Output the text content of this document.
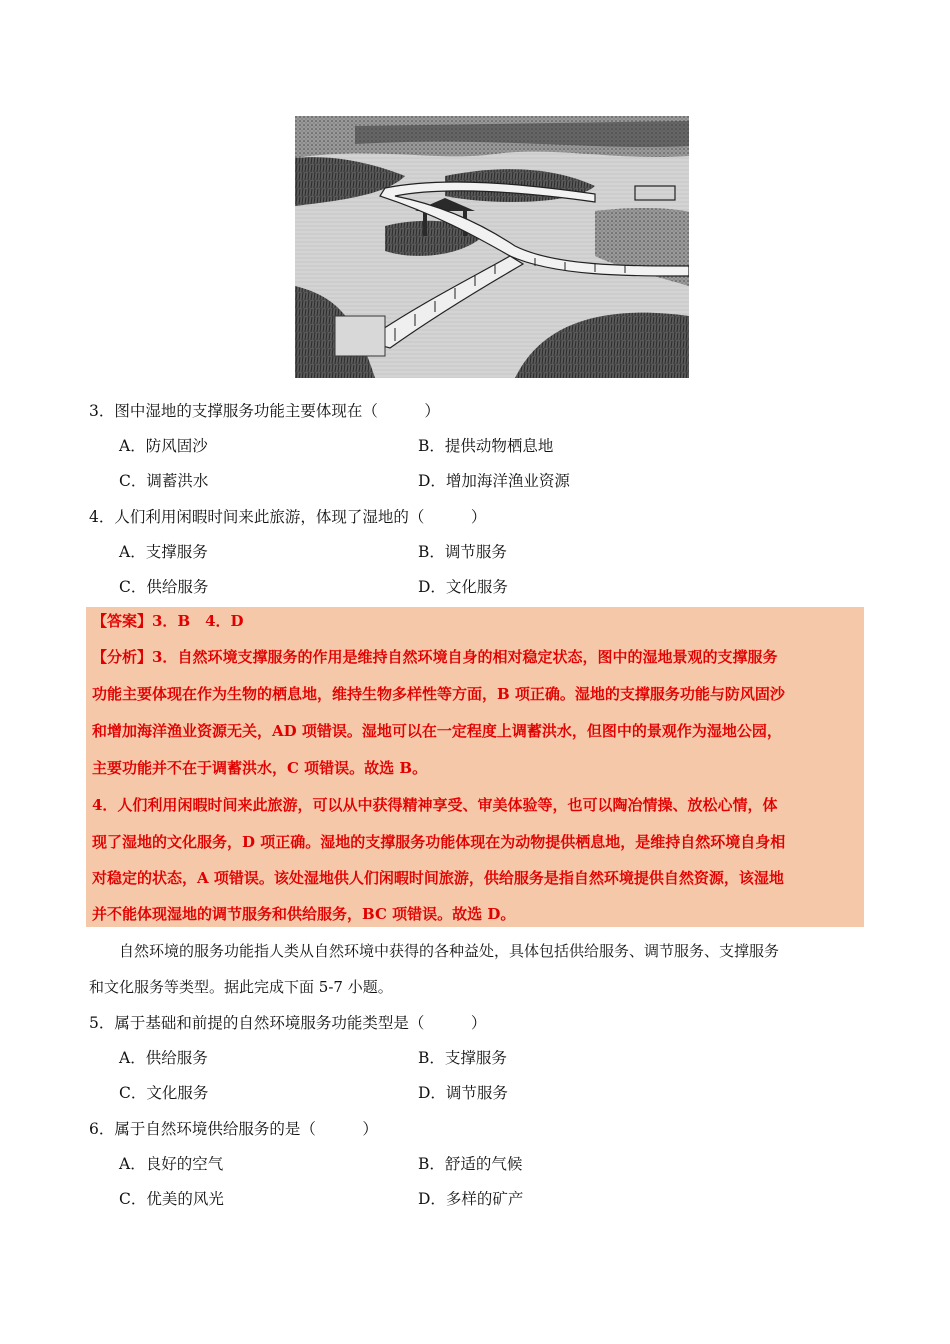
3．图中湿地的支撑服务功能主要体现在（　　　）
A．防风固沙	B．提供动物栖息地
C．调蓄洪水	D．增加海洋渔业资源
4．人们利用闲暇时间来此旅游，体现了湿地的（　　　）
A．支撑服务	B．调节服务
C．供给服务	D．文化服务
【答案】3．B　4．D
【分析】3．自然环境支撑服务的作用是维持自然环境自身的相对稳定状态，图中的湿地景观的支撑服务
功能主要体现在作为生物的栖息地，维持生物多样性等方面，B 项正确。湿地的支撑服务功能与防风固沙
和增加海洋渔业资源无关，AD 项错误。湿地可以在一定程度上调蓄洪水，但图中的景观作为湿地公园，
主要功能并不在于调蓄洪水，C 项错误。故选 B。
4．人们利用闲暇时间来此旅游，可以从中获得精神享受、审美体验等，也可以陶冶情操、放松心情，体
现了湿地的文化服务，D 项正确。湿地的支撑服务功能体现在为动物提供栖息地，是维持自然环境自身相
对稳定的状态，A 项错误。该处湿地供人们闲暇时间旅游，供给服务是指自然环境提供自然资源，该湿地
并不能体现湿地的调节服务和供给服务，BC 项错误。故选 D。
自然环境的服务功能指人类从自然环境中获得的各种益处，具体包括供给服务、调节服务、支撑服务
和文化服务等类型。据此完成下面 5-7 小题。
5．属于基础和前提的自然环境服务功能类型是（　　　）
A．供给服务	B．支撑服务
C．文化服务	D．调节服务
6．属于自然环境供给服务的是（　　　）
A．良好的空气	B．舒适的气候
C．优美的风光	D．多样的矿产
